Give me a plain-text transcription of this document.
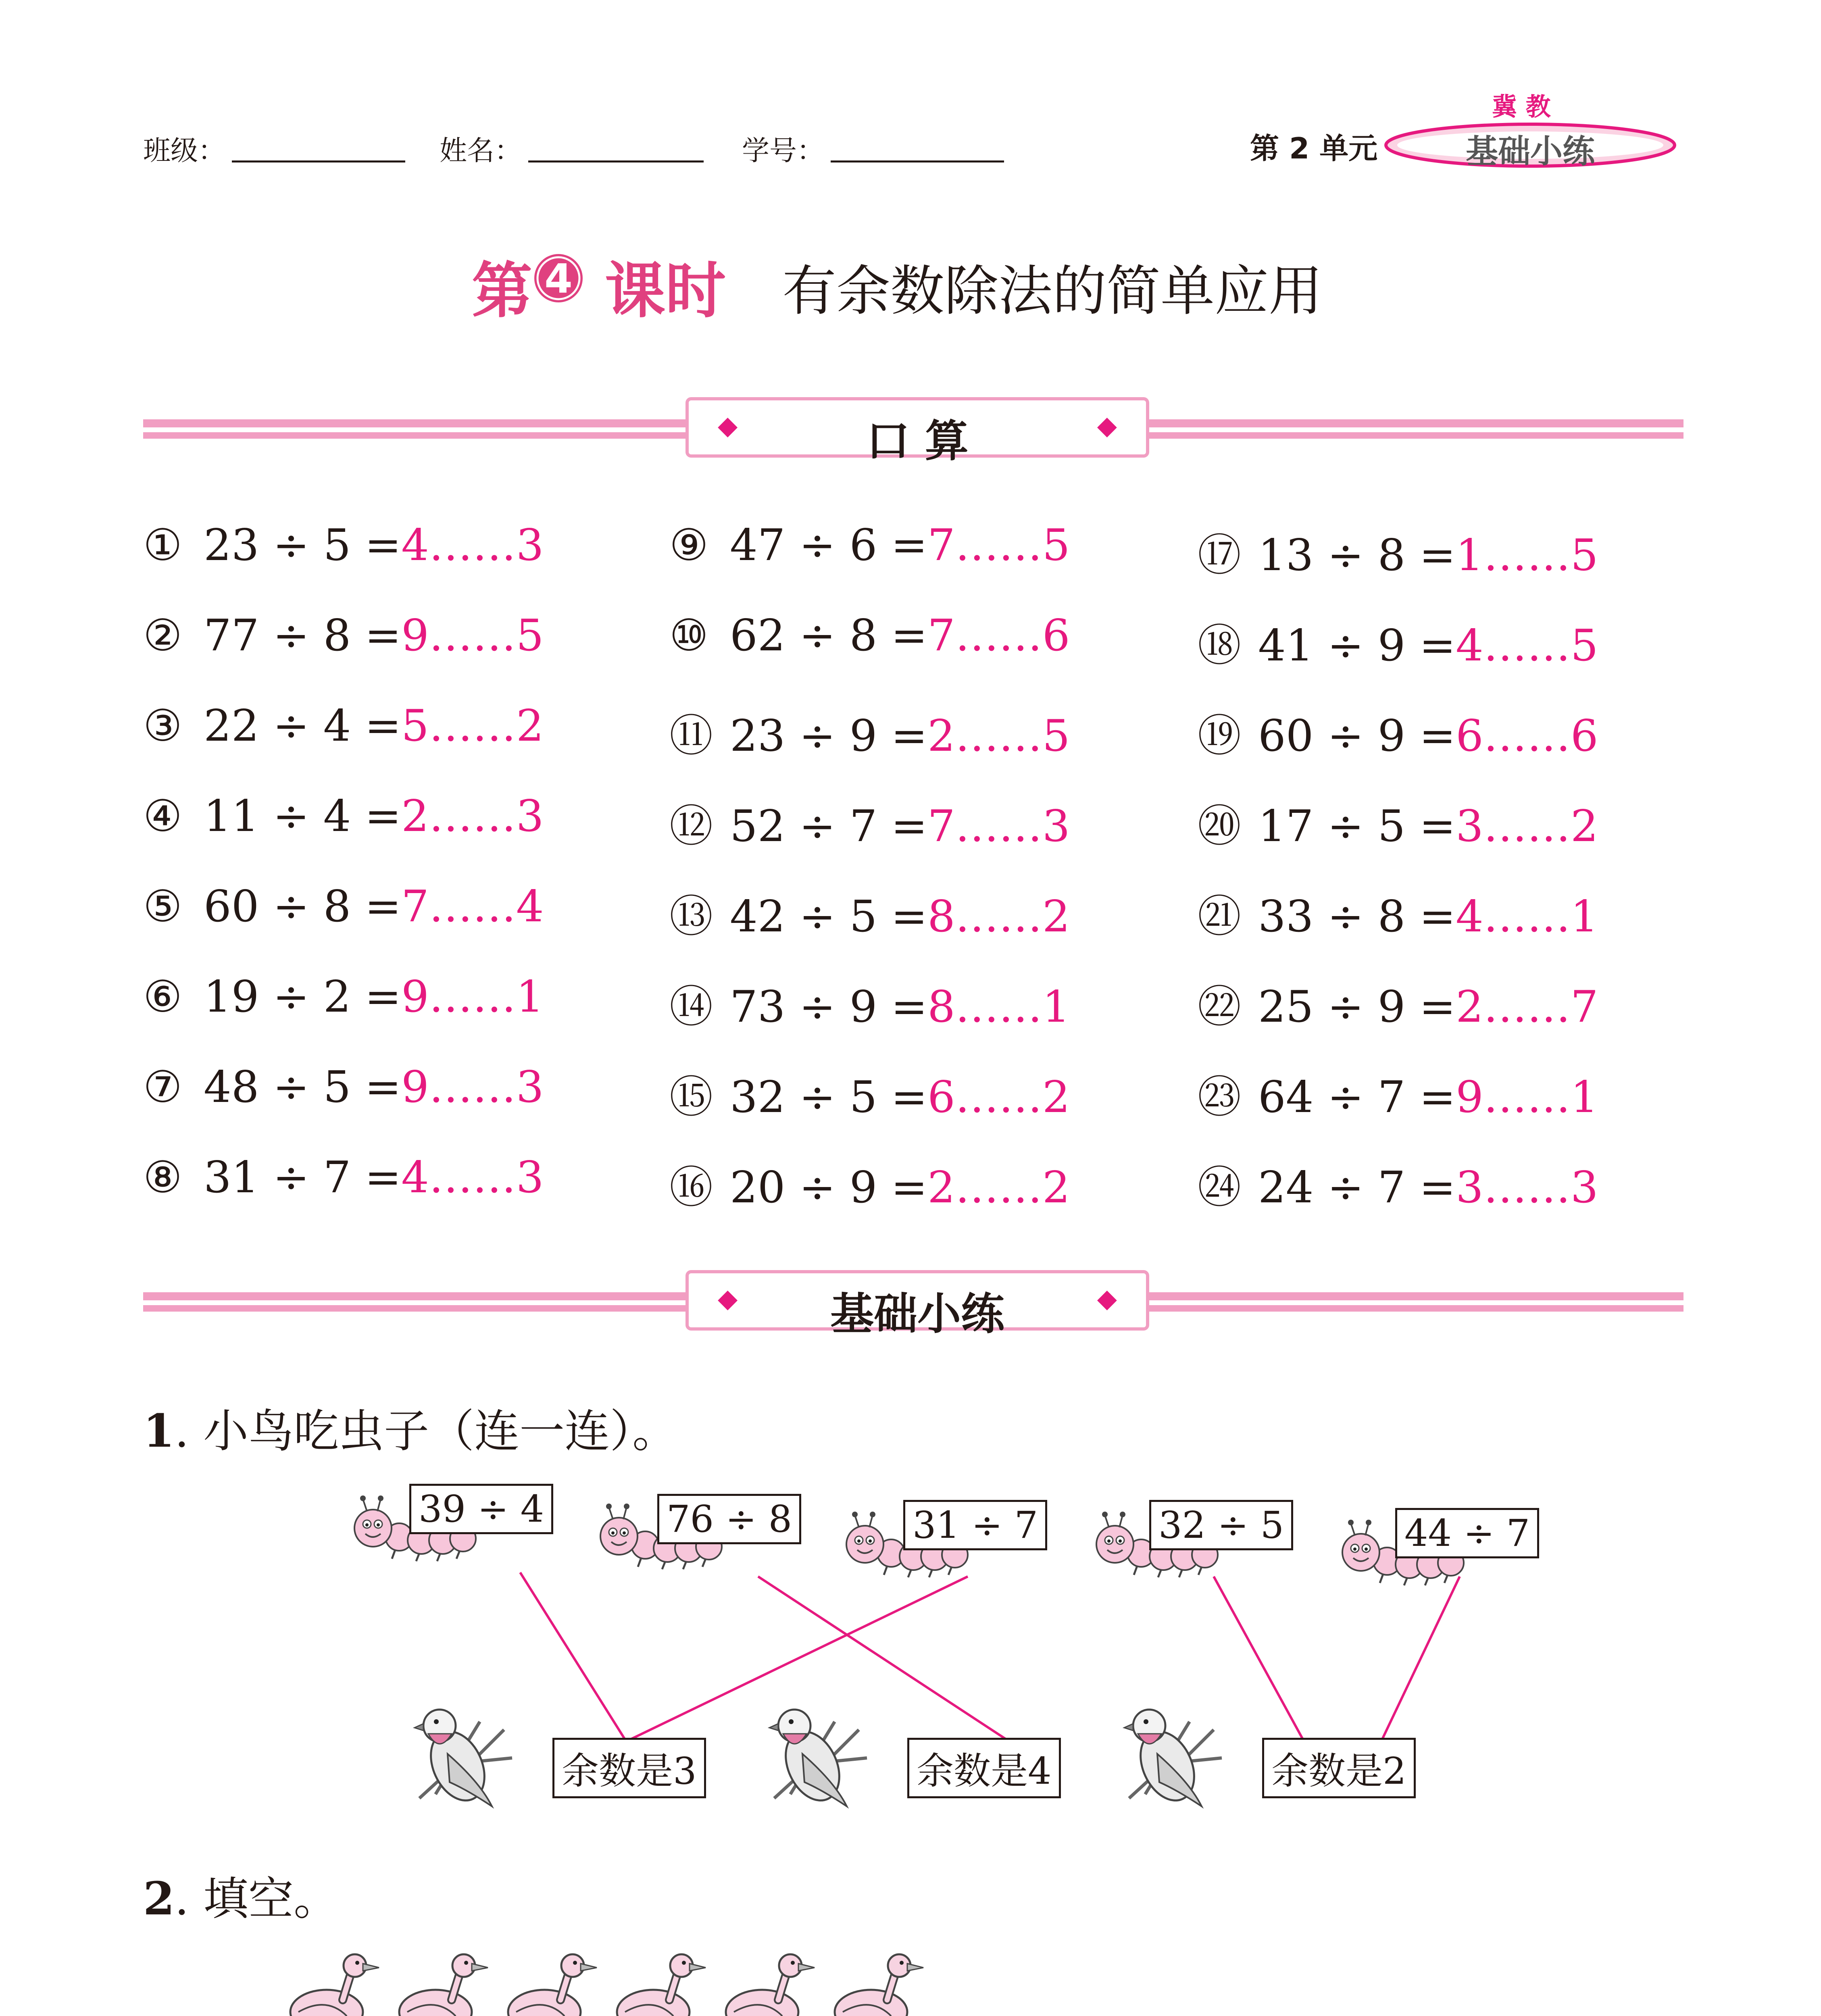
班级：	姓名：	学号：	第 2 单元
冀 教
基础小练
第 4 课时 有余数除法的简单应用
◆	口 算	◆
① 23 ÷ 5 =4……3
② 77 ÷ 8 =9……5
③ 22 ÷ 4 =5……2
④ 11 ÷ 4 =2……3
⑤ 60 ÷ 8 =7……4
⑥ 19 ÷ 2 =9……1
⑦ 48 ÷ 5 =9……3
⑧ 31 ÷ 7 =4……3
⑨ 47 ÷ 6 =7……5
⑩ 62 ÷ 8 =7……6
⑪ 23 ÷ 9 =2……5
⑫ 52 ÷ 7 =7……3
⑬ 42 ÷ 5 =8……2
⑭ 73 ÷ 9 =8……1
⑮ 32 ÷ 5 =6……2
⑯ 20 ÷ 9 =2……2
⑰ 13 ÷ 8 =1……5
⑱ 41 ÷ 9 =4……5
⑲ 60 ÷ 9 =6……6
⑳ 17 ÷ 5 =3……2
㉑ 33 ÷ 8 =4……1
㉒ 25 ÷ 9 =2……7
㉓ 64 ÷ 7 =9……1
㉔ 24 ÷ 7 =3……3
◆	基础小练	◆
1. 小鸟吃虫子（连一连）。
39 ÷ 4	76 ÷ 8	31 ÷ 7	32 ÷ 5	44 ÷ 7
余数是3	余数是4	余数是2
2. 填空。
